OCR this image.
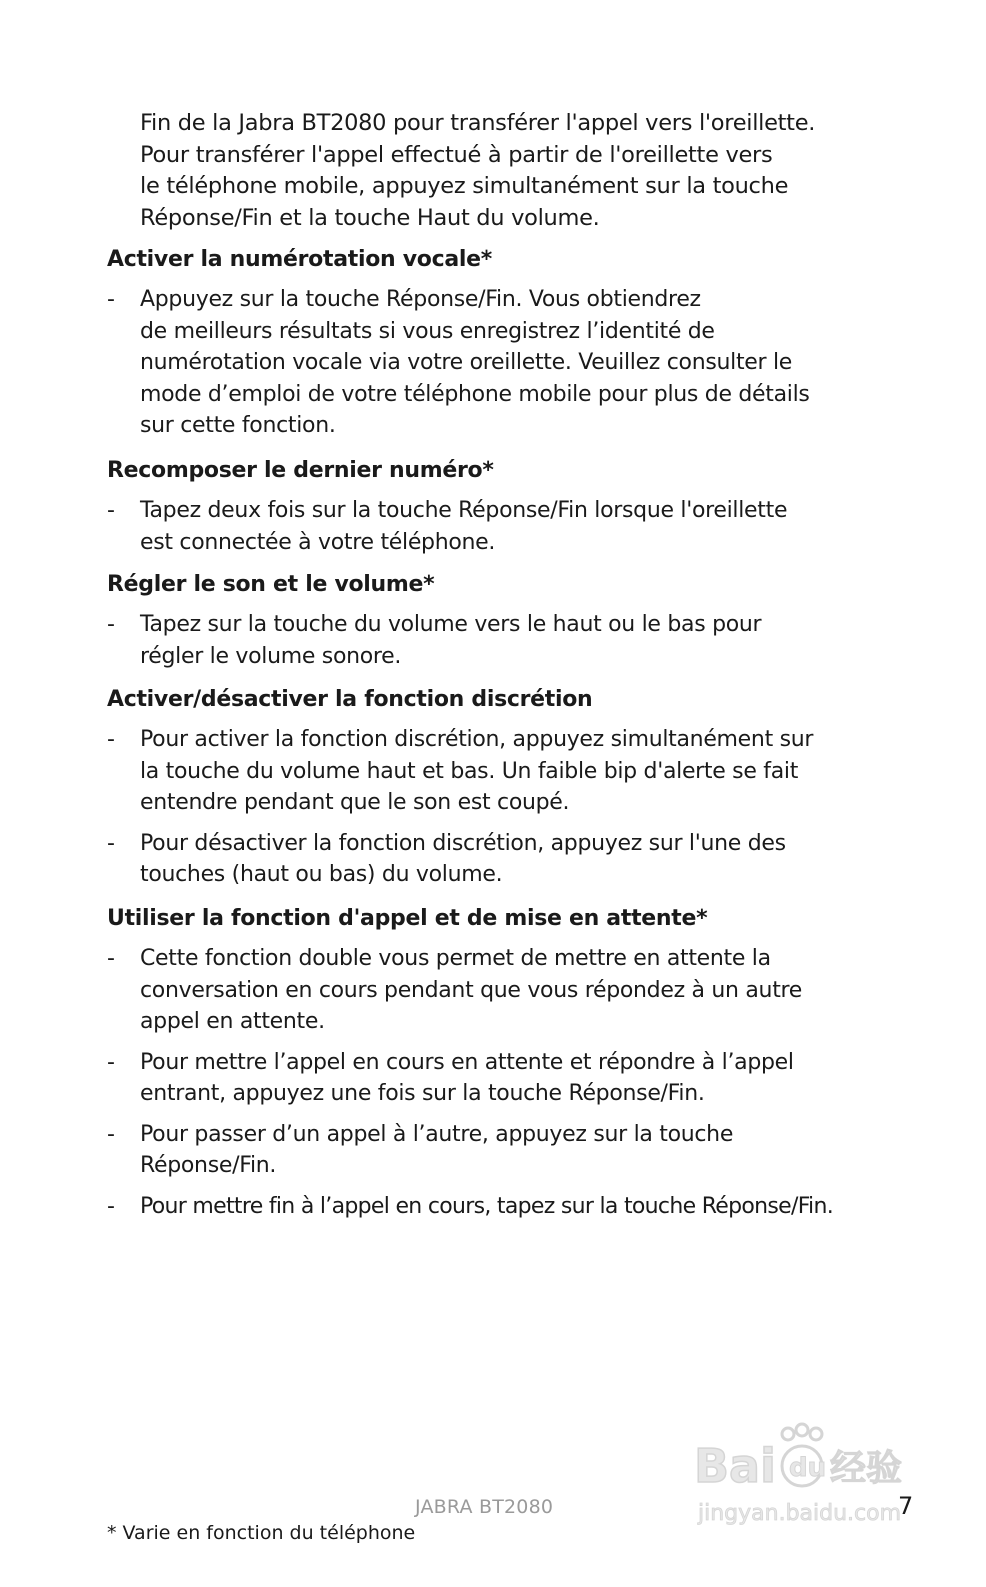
Fin de la Jabra BT2080 pour transférer l'appel vers l'oreillette.

Pour transférer l'appel effectué à partir de l'oreillette vers

le téléphone mobile, appuyez simultanément sur la touche

Réponse/Fin et la touche Haut du volume.

Activer la numérotation vocale*
- Appuyez sur la touche Réponse/Fin. Vous obtiendrez

de meilleurs résultats si vous enregistrez l’identité de

numérotation vocale via votre oreillette. Veuillez consulter le

mode d’emploi de votre téléphone mobile pour plus de détails

sur cette fonction.

Recomposer le dernier numéro*
- Tapez deux fois sur la touche Réponse/Fin lorsque l'oreillette

est connectée à votre téléphone.

Régler le son et le volume*
- Tapez sur la touche du volume vers le haut ou le bas pour

régler le volume sonore.

Activer/désactiver la fonction discrétion
- Pour activer la fonction discrétion, appuyez simultanément sur

la touche du volume haut et bas. Un faible bip d'alerte se fait

entendre pendant que le son est coupé.

- Pour désactiver la fonction discrétion, appuyez sur l'une des

touches (haut ou bas) du volume.

Utiliser la fonction d'appel et de mise en attente*
- Cette fonction double vous permet de mettre en attente la

conversation en cours pendant que vous répondez à un autre

appel en attente.

- Pour mettre l’appel en cours en attente et répondre à l’appel

entrant, appuyez une fois sur la touche Réponse/Fin.

- Pour passer d’un appel à l’autre, appuyez sur la touche

Réponse/Fin.

- Pour mettre fin à l’appel en cours, tapez sur la touche Réponse/Fin.

Bai du 经验
jingyan.baidu.com
JABRA BT2080	7
* Varie en fonction du téléphone
